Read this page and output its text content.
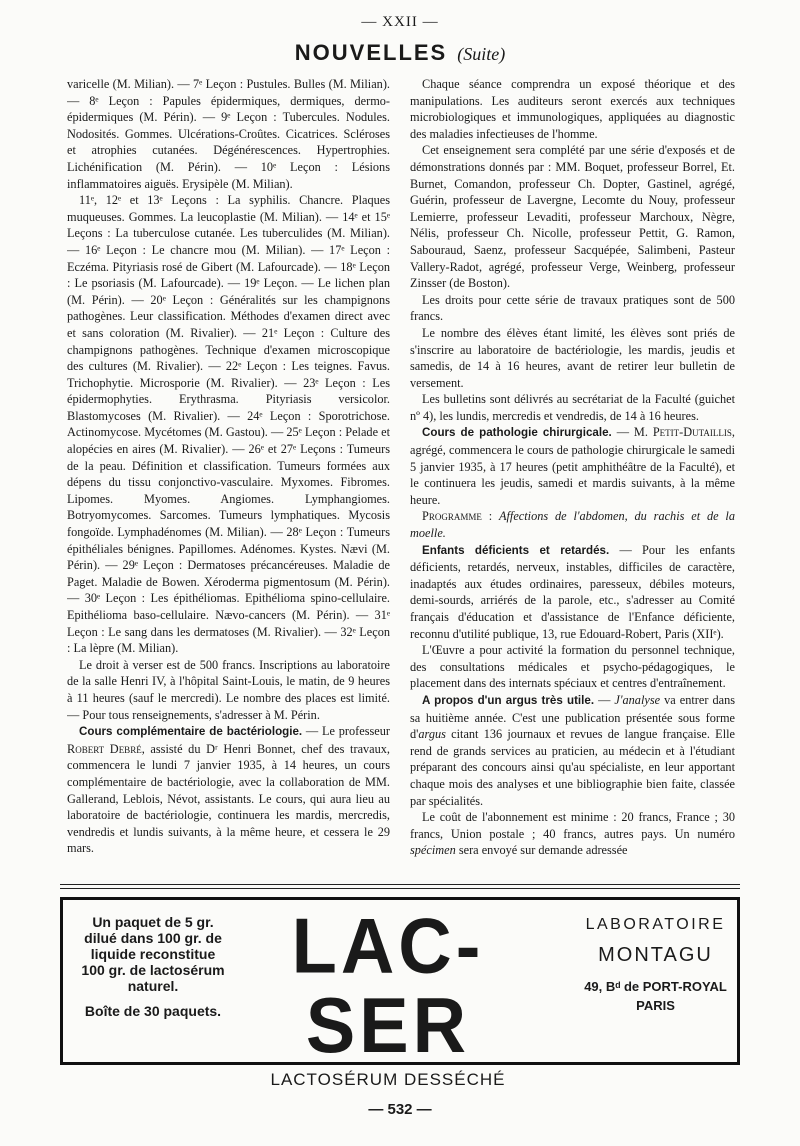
— XXII —
NOUVELLES (Suite)

varicelle (M. Milian). — 7ᵉ Leçon : Pustules. Bulles (M. Milian). — 8ᵉ Leçon : Papules épidermiques, dermiques, dermo-épidermiques (M. Périn). — 9ᵉ Leçon : Tubercules. Nodules. Nodosités. Gommes. Ulcérations-Croûtes. Cicatrices. Scléroses et atrophies cutanées. Dégénérescences. Hypertrophies. Lichénification (M. Périn). — 10ᵉ Leçon : Lésions inflammatoires aiguës. Erysipèle (M. Milian).

11ᵉ, 12ᵉ et 13ᵉ Leçons : La syphilis. Chancre. Plaques muqueuses. Gommes. La leucoplastie (M. Milian). — 14ᵉ et 15ᵉ Leçons : La tuberculose cutanée. Les tuberculides (M. Milian). — 16ᵉ Leçon : Le chancre mou (M. Milian). — 17ᵉ Leçon : Eczéma. Pityriasis rosé de Gibert (M. Lafourcade). — 18ᵉ Leçon : Le psoriasis (M. Lafourcade). — 19ᵉ Leçon. — Le lichen plan (M. Périn). — 20ᵉ Leçon : Généralités sur les champignons pathogènes. Leur classification. Méthodes d'examen direct avec et sans coloration (M. Rivalier). — 21ᵉ Leçon : Culture des champignons pathogènes. Technique d'examen microscopique des cultures (M. Rivalier). — 22ᵉ Leçon : Les teignes. Favus. Trichophytie. Microsporie (M. Rivalier). — 23ᵉ Leçon : Les épidermophyties. Erythrasma. Pityriasis versicolor. Blastomycoses (M. Rivalier). — 24ᵉ Leçon : Sporotrichose. Actinomycose. Mycétomes (M. Gastou). — 25ᵉ Leçon : Pelade et alopécies en aires (M. Rivalier). — 26ᵉ et 27ᵉ Leçons : Tumeurs de la peau. Définition et classification. Tumeurs formées aux dépens du tissu conjonctivo-vasculaire. Myxomes. Fibromes. Lipomes. Myomes. Angiomes. Lymphangiomes. Botryomycomes. Sarcomes. Tumeurs lymphatiques. Mycosis fongoïde. Lymphadénomes (M. Milian). — 28ᵉ Leçon : Tumeurs épithéliales bénignes. Papillomes. Adénomes. Kystes. Nævi (M. Périn). — 29ᵉ Leçon : Dermatoses précancéreuses. Maladie de Paget. Maladie de Bowen. Xéroderma pigmentosum (M. Périn). — 30ᵉ Leçon : Les épithéliomas. Epithélioma spino-cellulaire. Epithélioma baso-cellulaire. Nævo-cancers (M. Périn). — 31ᵉ Leçon : Le sang dans les dermatoses (M. Rivalier). — 32ᵉ Leçon : La lèpre (M. Milian).

Le droit à verser est de 500 francs. Inscriptions au laboratoire de la salle Henri IV, à l'hôpital Saint-Louis, le matin, de 9 heures à 11 heures (sauf le mercredi). Le nombre des places est limité. — Pour tous renseignements, s'adresser à M. Périn.

Cours complémentaire de bactériologie. — Le professeur Robert Debré, assisté du Dʳ Henri Bonnet, chef des travaux, commencera le lundi 7 janvier 1935, à 14 heures, un cours complémentaire de bactériologie, avec la collaboration de MM. Gallerand, Leblois, Névot, assistants. Le cours, qui aura lieu au laboratoire de bactériologie, continuera les mardis, mercredis, vendredis et lundis suivants, à la même heure, et cessera le 29 mars.

Chaque séance comprendra un exposé théorique et des manipulations. Les auditeurs seront exercés aux techniques microbiologiques et immunologiques, appliquées au diagnostic des maladies infectieuses de l'homme.

Cet enseignement sera complété par une série d'exposés et de démonstrations donnés par : MM. Boquet, professeur Borrel, Et. Burnet, Comandon, professeur Ch. Dopter, Gastinel, agrégé, Guérin, professeur de Lavergne, Lecomte du Nouy, professeur Lemierre, professeur Levaditi, professeur Marchoux, Nègre, Nélis, professeur Ch. Nicolle, professeur Pettit, G. Ramon, Sabouraud, Saenz, professeur Sacquépée, Salimbeni, Pasteur Vallery-Radot, agrégé, professeur Verge, Weinberg, professeur Zinsser (de Boston).

Les droits pour cette série de travaux pratiques sont de 500 francs.

Le nombre des élèves étant limité, les élèves sont priés de s'inscrire au laboratoire de bactériologie, les mardis, jeudis et samedis, de 14 à 16 heures, avant de retirer leur bulletin de versement.

Les bulletins sont délivrés au secrétariat de la Faculté (guichet nº 4), les lundis, mercredis et vendredis, de 14 à 16 heures.

Cours de pathologie chirurgicale. — M. Petit-Dutaillis, agrégé, commencera le cours de pathologie chirurgicale le samedi 5 janvier 1935, à 17 heures (petit amphithéâtre de la Faculté), et le continuera les jeudis, samedi et mardis suivants, à la même heure.

Programme : Affections de l'abdomen, du rachis et de la moelle.

Enfants déficients et retardés. — Pour les enfants déficients, retardés, nerveux, instables, difficiles de caractère, inadaptés aux études ordinaires, paresseux, débiles moteurs, demi-sourds, arriérés de la parole, etc., s'adresser au Comité français d'éducation et d'assistance de l'Enfance déficiente, reconnu d'utilité publique, 13, rue Edouard-Robert, Paris (XIIᵉ).

L'Œuvre a pour activité la formation du personnel technique, des consultations médicales et psycho-pédagogiques, le placement dans des internats spéciaux et centres d'entraînement.

A propos d'un argus très utile. — J'analyse va entrer dans sa huitième année. C'est une publication présentée sous forme d'argus citant 136 journaux et revues de langue française. Elle rend de grands services au praticien, au médecin et à l'étudiant préparant des concours ainsi qu'au spécialiste, en leur apportant chaque mois des analyses et une bibliographie bien faite, classée par spécialités.

Le coût de l'abonnement est minime : 20 francs, France ; 30 francs, Union postale ; 40 francs, autres pays. Un numéro spécimen sera envoyé sur demande adressée

Un paquet de 5 gr.
dilué dans 100 gr. de
liquide reconstitue
100 gr. de lactosérum
naturel.
Boîte de 30 paquets.
LAC-SER
LACTOSÉRUM DESSÉCHÉ
LABORATOIRE
MONTAGU
49, Bᵈ de PORT-ROYAL
PARIS
— 532 —
